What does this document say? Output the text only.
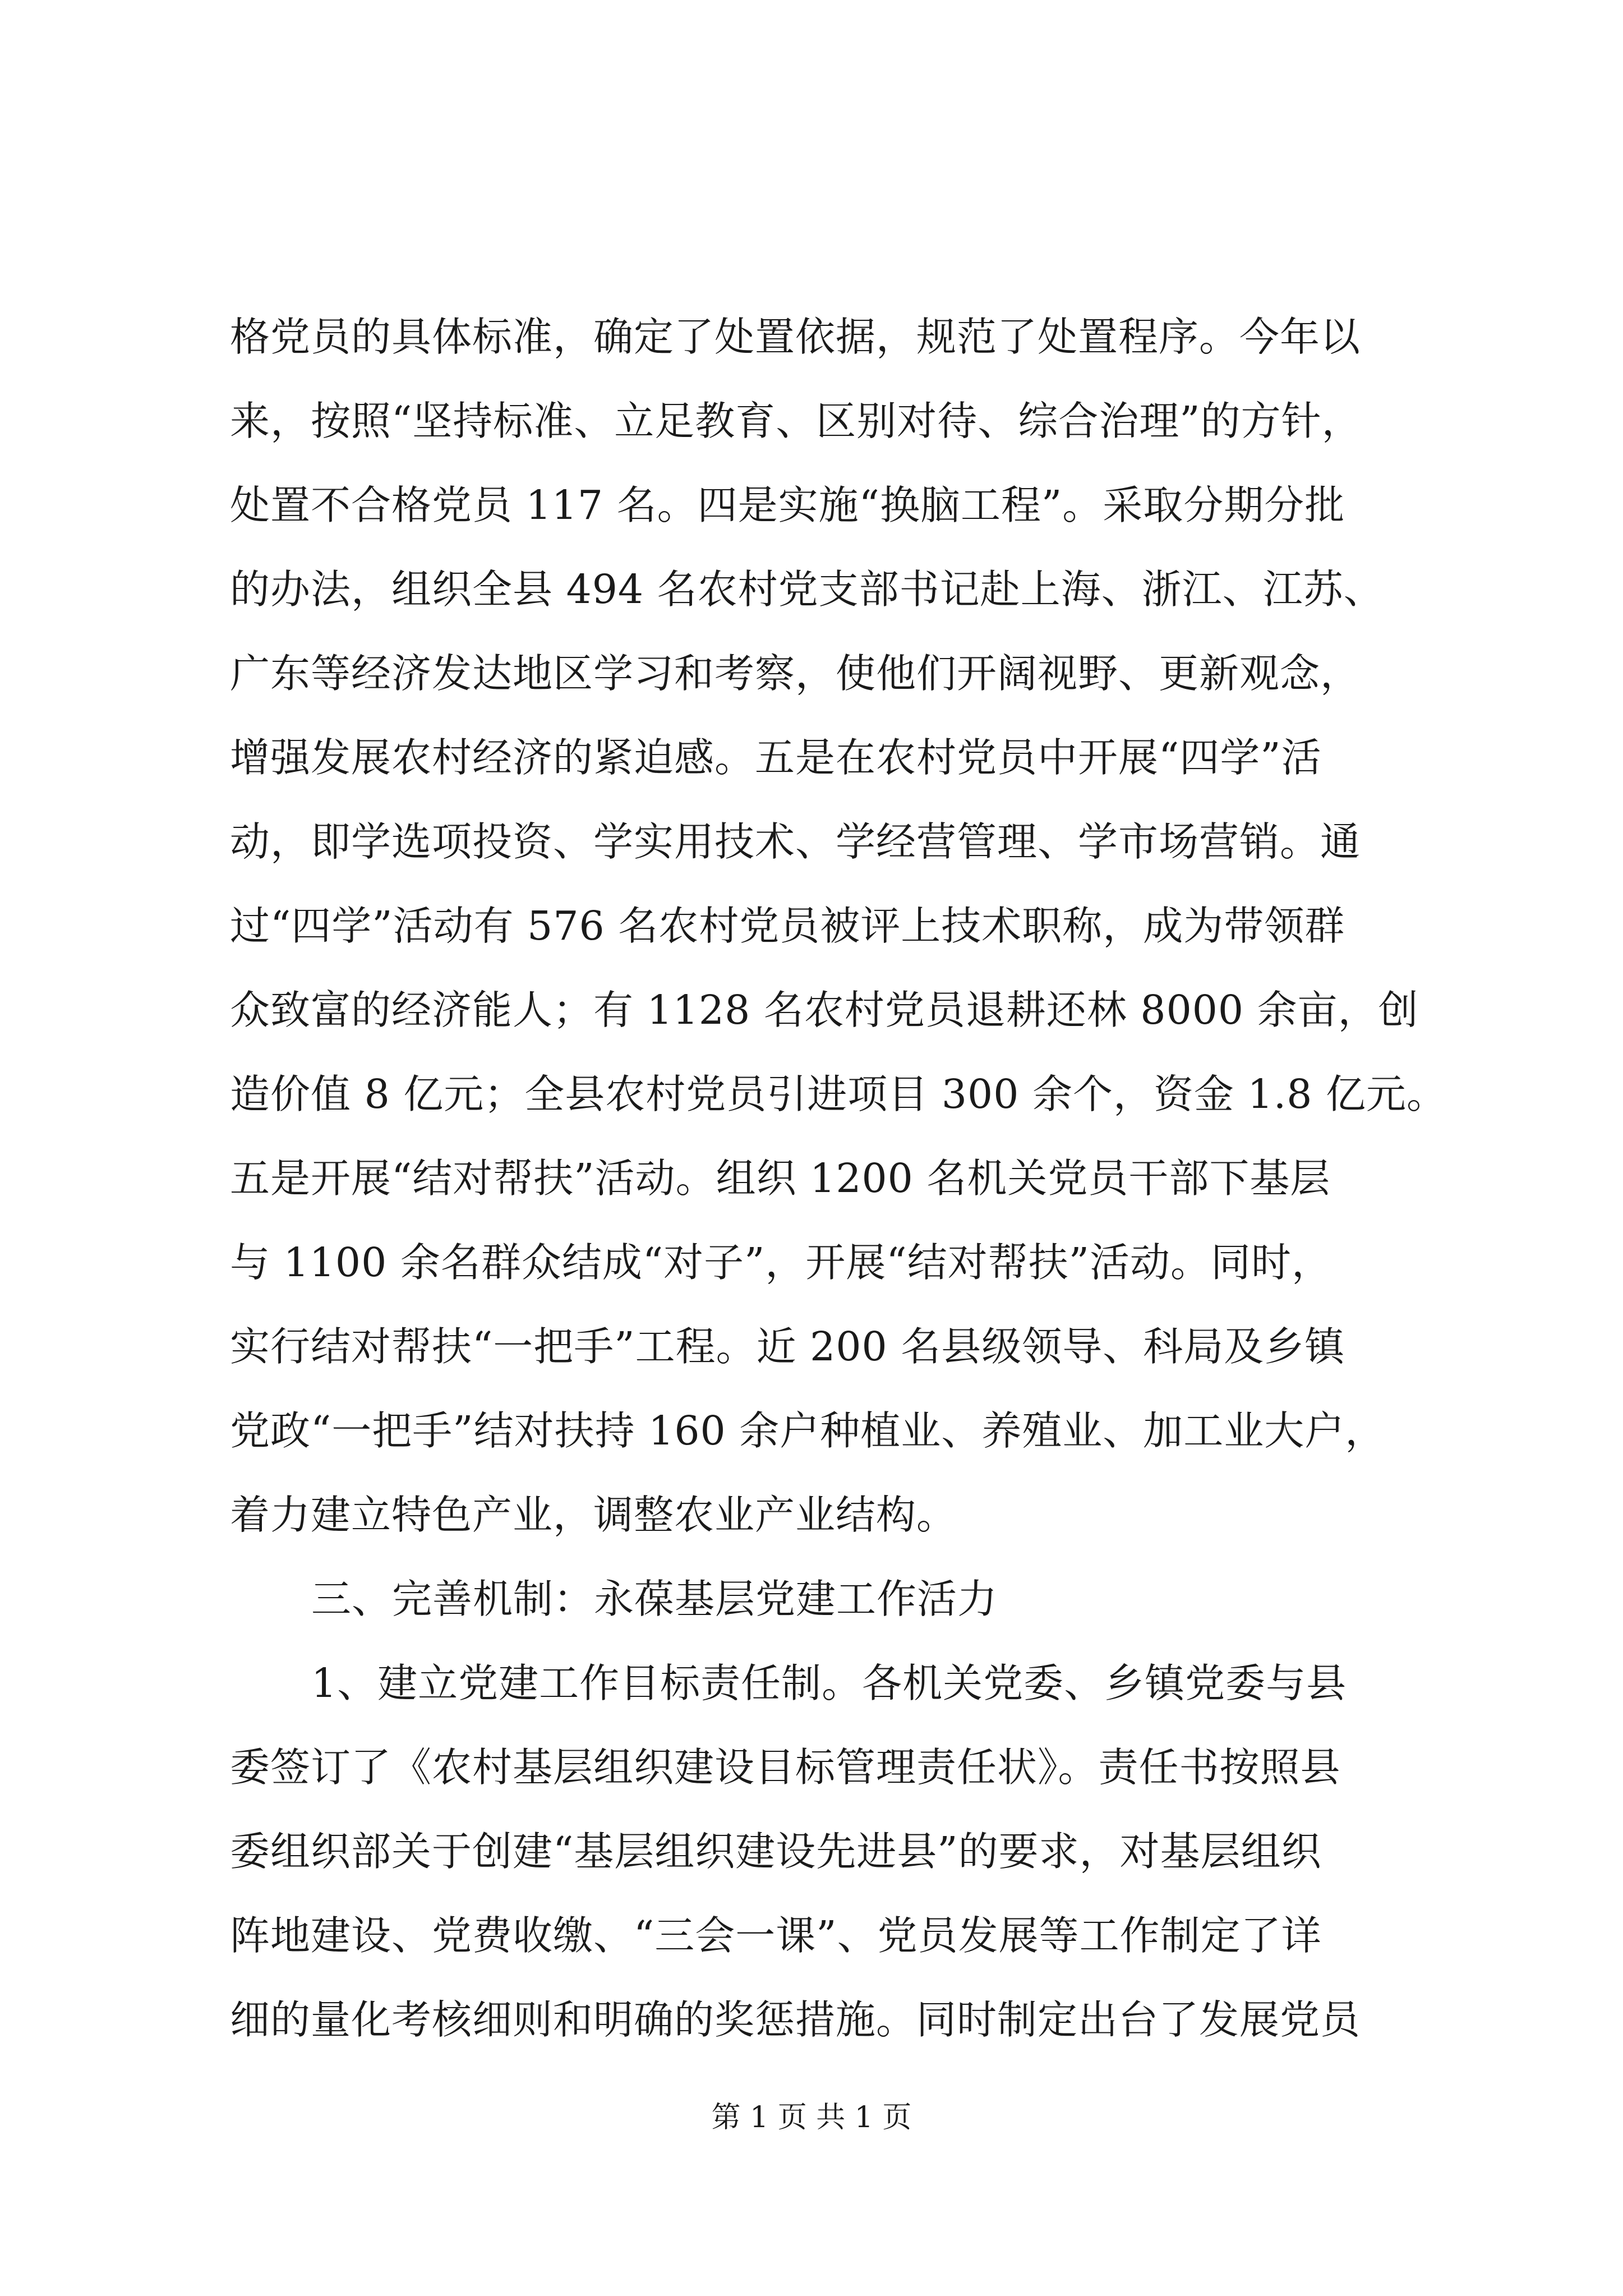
格党员的具体标准，确定了处置依据，规范了处置程序。今年以
来，按照“坚持标准、立足教育、区别对待、综合治理”的方针，
处置不合格党员 117 名。四是实施“换脑工程”。采取分期分批
的办法，组织全县 494 名农村党支部书记赴上海、浙江、江苏、
广东等经济发达地区学习和考察，使他们开阔视野、更新观念，
增强发展农村经济的紧迫感。五是在农村党员中开展“四学”活
动，即学选项投资、学实用技术、学经营管理、学市场营销。通
过“四学”活动有 576 名农村党员被评上技术职称，成为带领群
众致富的经济能人；有 1128 名农村党员退耕还林 8000 余亩，创
造价值 8 亿元；全县农村党员引进项目 300 余个，资金 1.8 亿元。
五是开展“结对帮扶”活动。组织 1200 名机关党员干部下基层
与 1100 余名群众结成“对子”，开展“结对帮扶”活动。同时，
实行结对帮扶“一把手”工程。近 200 名县级领导、科局及乡镇
党政“一把手”结对扶持 160 余户种植业、养殖业、加工业大户，
着力建立特色产业，调整农业产业结构。
三、完善机制：永葆基层党建工作活力
1、建立党建工作目标责任制。各机关党委、乡镇党委与县
委签订了《农村基层组织建设目标管理责任状》。责任书按照县
委组织部关于创建“基层组织建设先进县”的要求，对基层组织
阵地建设、党费收缴、“三会一课”、党员发展等工作制定了详
细的量化考核细则和明确的奖惩措施。同时制定出台了发展党员
第 1 页 共 1 页
